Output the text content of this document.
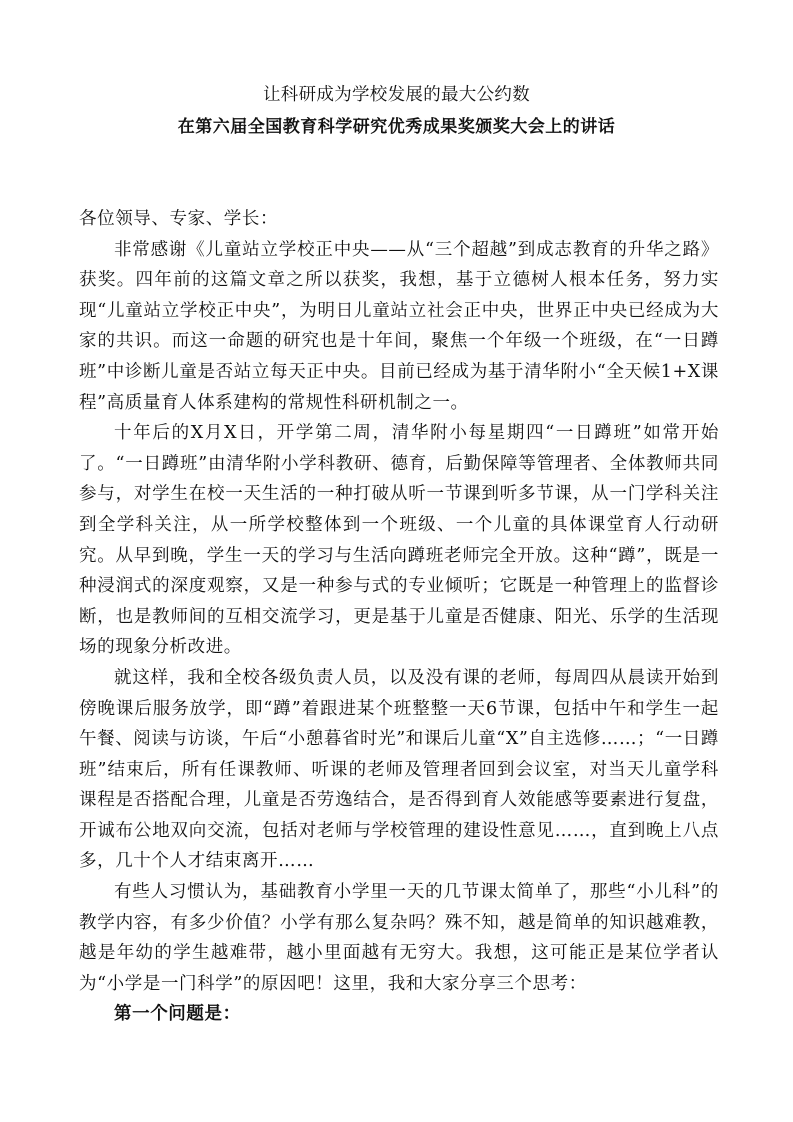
让科研成为学校发展的最大公约数
在第六届全国教育科学研究优秀成果奖颁奖大会上的讲话

各位领导、专家、学长：

非常感谢《儿童站立学校正中央——从“三个超越”到成志教育的升华之路》获奖。四年前的这篇文章之所以获奖，我想，基于立德树人根本任务，努力实现“儿童站立学校正中央”，为明日儿童站立社会正中央，世界正中央已经成为大家的共识。而这一命题的研究也是十年间，聚焦一个年级一个班级，在“一日蹲班”中诊断儿童是否站立每天正中央。目前已经成为基于清华附小“全天候1+X课程”高质量育人体系建构的常规性科研机制之一。

十年后的X月X日，开学第二周，清华附小每星期四“一日蹲班”如常开始了。“一日蹲班”由清华附小学科教研、德育，后勤保障等管理者、全体教师共同参与，对学生在校一天生活的一种打破从听一节课到听多节课，从一门学科关注到全学科关注，从一所学校整体到一个班级、一个儿童的具体课堂育人行动研究。从早到晚，学生一天的学习与生活向蹲班老师完全开放。这种“蹲”，既是一种浸润式的深度观察，又是一种参与式的专业倾听；它既是一种管理上的监督诊断，也是教师间的互相交流学习，更是基于儿童是否健康、阳光、乐学的生活现场的现象分析改进。

就这样，我和全校各级负责人员，以及没有课的老师，每周四从晨读开始到傍晚课后服务放学，即“蹲”着跟进某个班整整一天6节课，包括中午和学生一起午餐、阅读与访谈，午后“小憩暮省时光”和课后儿童“X”自主选修……；“一日蹲班”结束后，所有任课教师、听课的老师及管理者回到会议室，对当天儿童学科课程是否搭配合理，儿童是否劳逸结合，是否得到育人效能感等要素进行复盘，开诚布公地双向交流，包括对老师与学校管理的建设性意见……，直到晚上八点多，几十个人才结束离开……

有些人习惯认为，基础教育小学里一天的几节课太简单了，那些“小儿科”的教学内容，有多少价值？小学有那么复杂吗？殊不知，越是简单的知识越难教，越是年幼的学生越难带，越小里面越有无穷大。我想，这可能正是某位学者认为“小学是一门科学”的原因吧！这里，我和大家分享三个思考：

第一个问题是：
